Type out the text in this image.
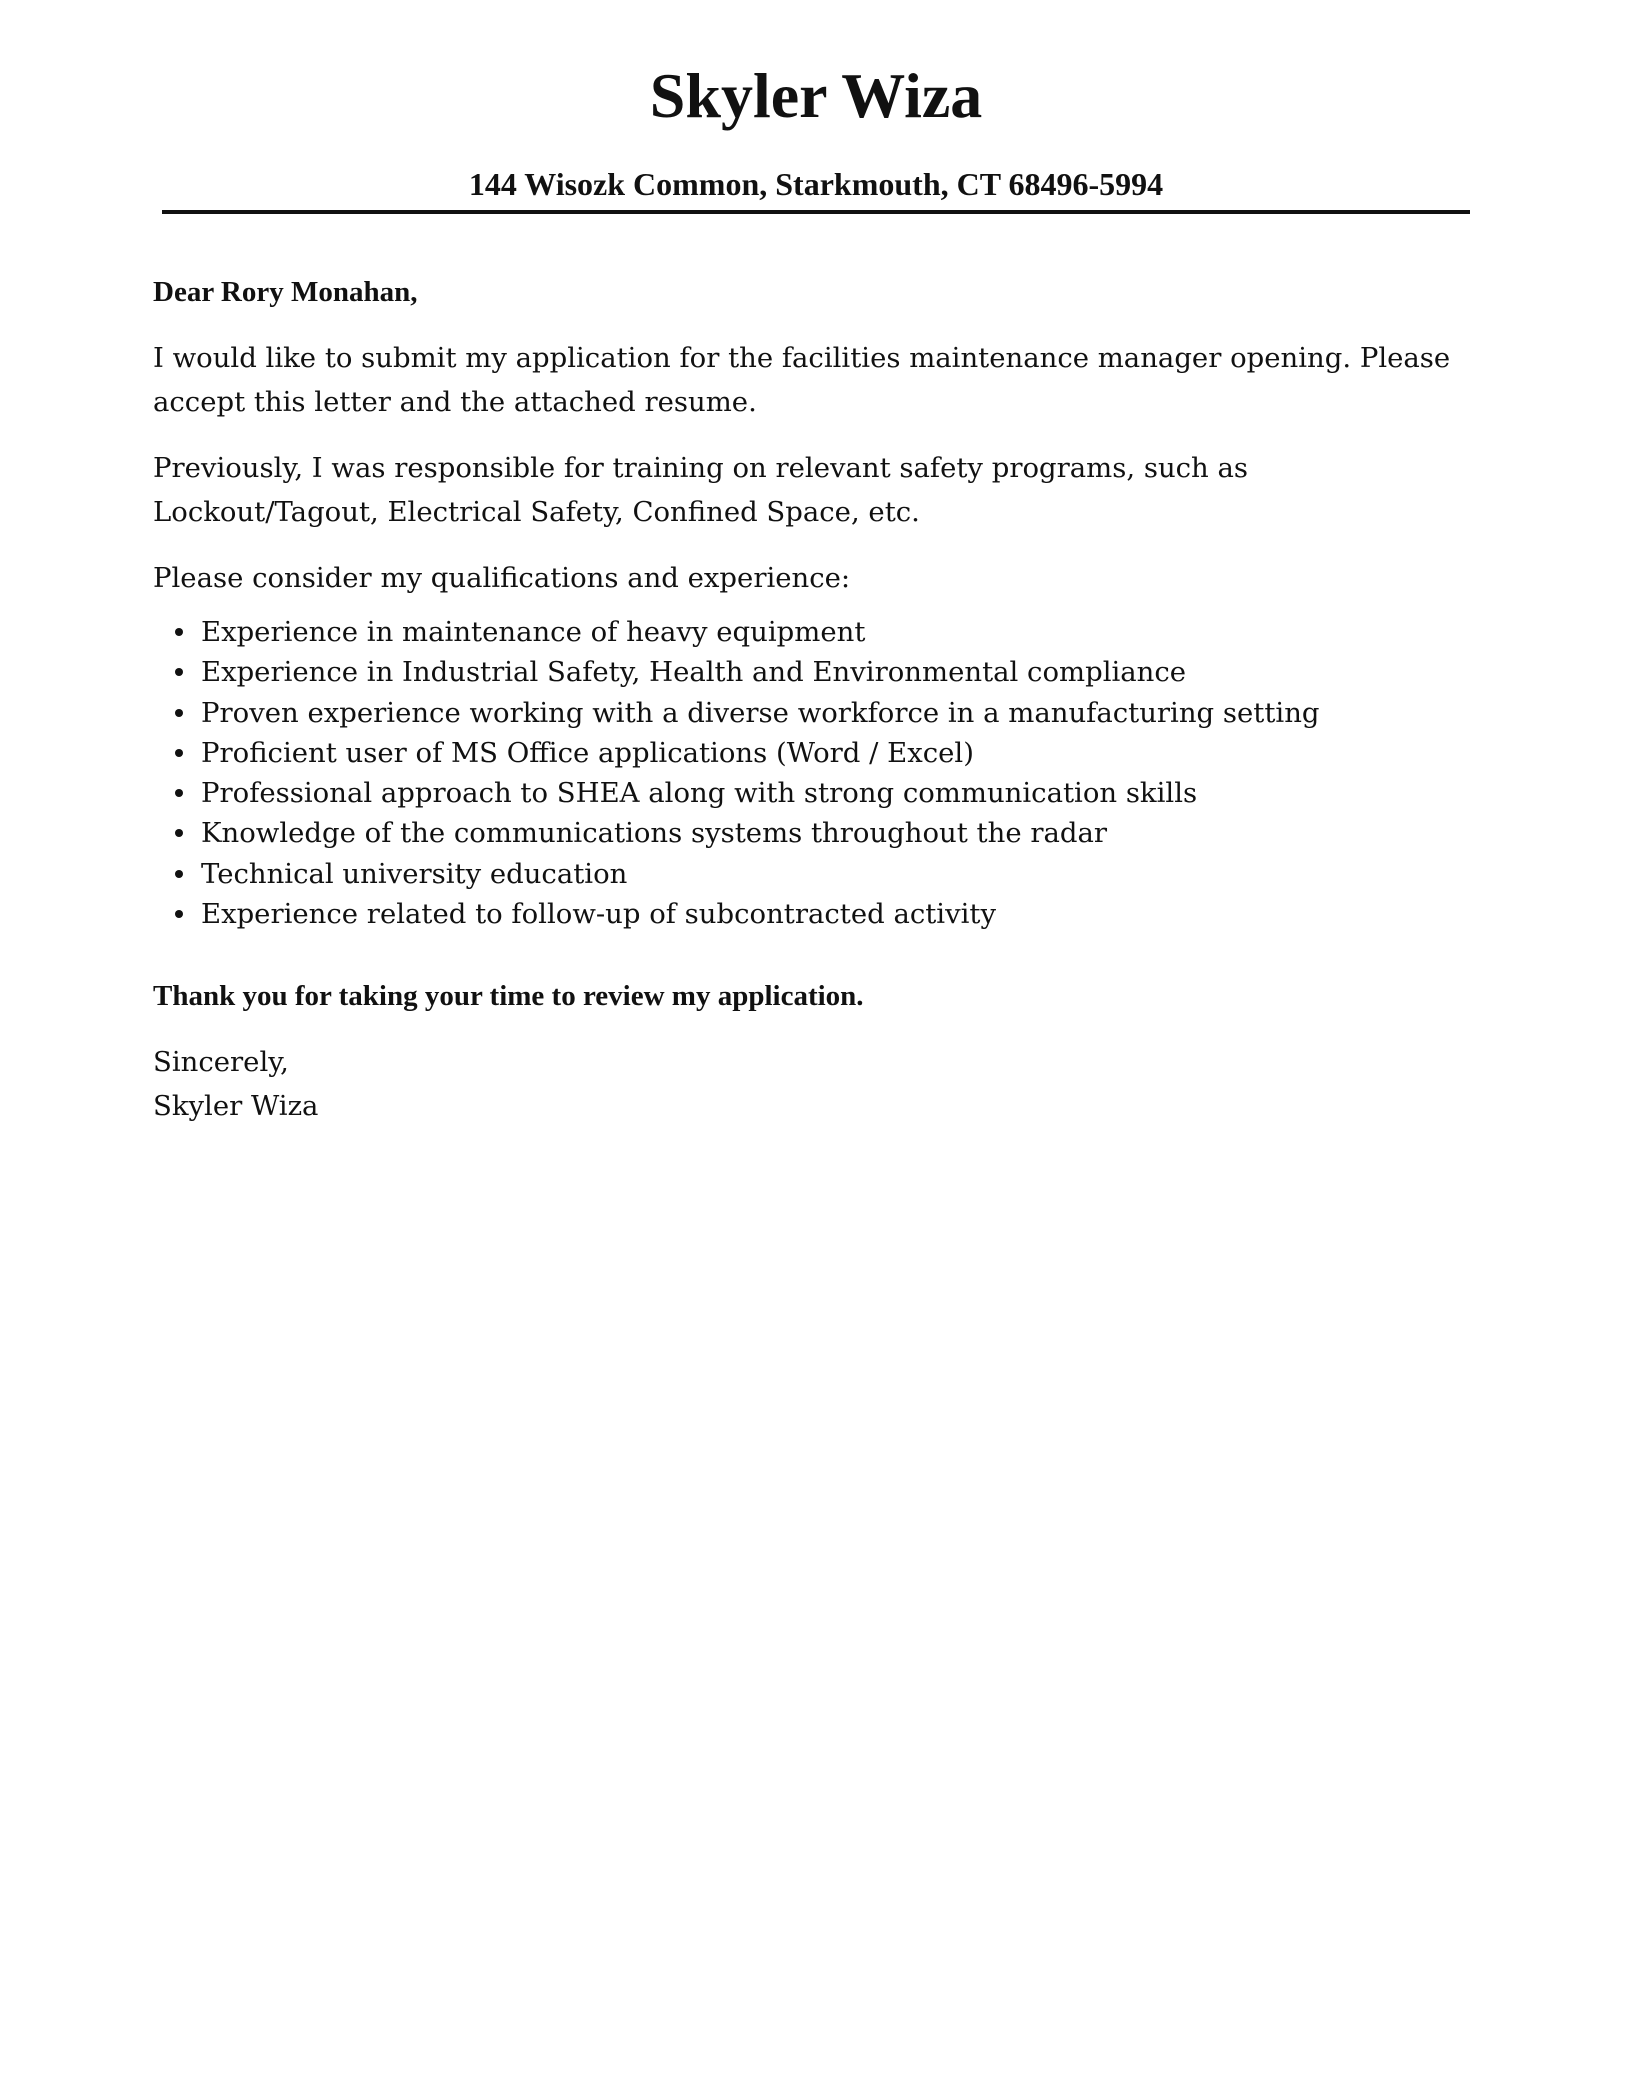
Skyler Wiza
144 Wisozk Common, Starkmouth, CT 68496-5994

Dear Rory Monahan,

I would like to submit my application for the facilities maintenance manager opening. Please accept this letter and the attached resume.

Previously, I was responsible for training on relevant safety programs, such as Lockout/Tagout, Electrical Safety, Confined Space, etc.

Please consider my qualifications and experience:

Experience in maintenance of heavy equipment
Experience in Industrial Safety, Health and Environmental compliance
Proven experience working with a diverse workforce in a manufacturing setting
Proficient user of MS Office applications (Word / Excel)
Professional approach to SHEA along with strong communication skills
Knowledge of the communications systems throughout the radar
Technical university education
Experience related to follow-up of subcontracted activity

Thank you for taking your time to review my application.

Sincerely,

Skyler Wiza
